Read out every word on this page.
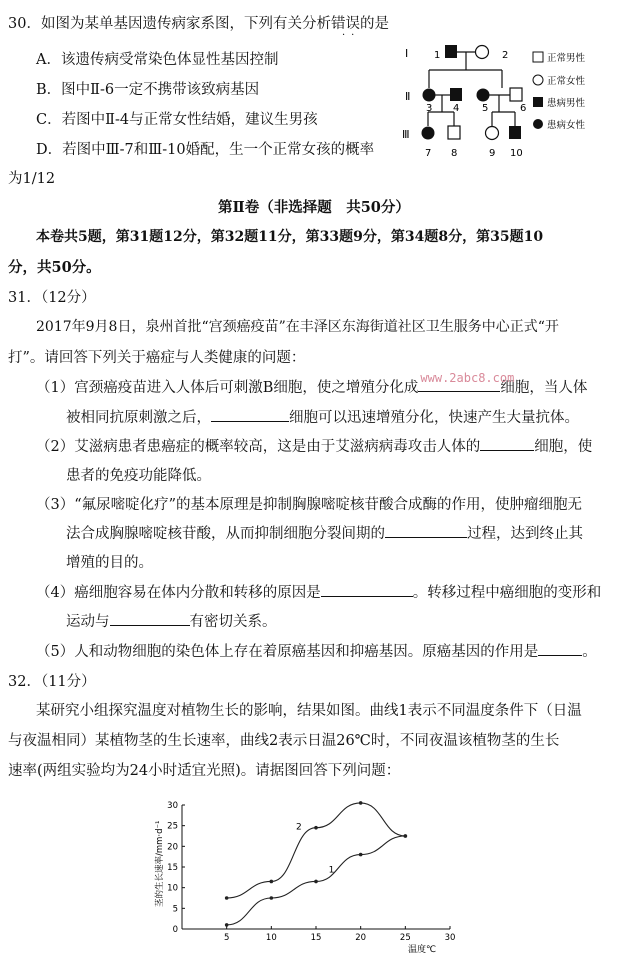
30．如图为某单基因遗传病家系图，下列有关分析错误的是
··
A．该遗传病受常染色体显性基因控制
B．图中Ⅱ-6一定不携带该致病基因
C．若图中Ⅱ-4与正常女性结婚，建议生男孩
D．若图中Ⅲ-7和Ⅲ-10婚配，生一个正常女孩的概率
为1/12
Ⅰ
Ⅱ
Ⅲ
1	2
3 4 5	6
7 8	9 10
正常男性
正常女性
患病男性
患病女性
第Ⅱ卷（非选择题　共50分）
本卷共5题，第31题12分，第32题11分，第33题9分，第34题8分，第35题10
分，共50分。
31．（12分）
2017年9月8日，泉州首批“宫颈癌疫苗”在丰泽区东海街道社区卫生服务中心正式“开
打”。请回答下列关于癌症与人类健康的问题：
（1）宫颈癌疫苗进入人体后可刺激B细胞，使之增殖分化成
www.2abc8.com
细胞，当人体
被相同抗原刺激之后，	细胞可以迅速增殖分化，快速产生大量抗体。
（2）艾滋病患者患癌症的概率较高，这是由于艾滋病病毒攻击人体的	细胞，使
患者的免疫功能降低。
（3）“氟尿嘧啶化疗”的基本原理是抑制胸腺嘧啶核苷酸合成酶的作用，使肿瘤细胞无
法合成胸腺嘧啶核苷酸，从而抑制细胞分裂间期的	过程，达到终止其
增殖的目的。
（4）癌细胞容易在体内分散和转移的原因是	。转移过程中癌细胞的变形和
运动与	有密切关系。
（5）人和动物细胞的染色体上存在着原癌基因和抑癌基因。原癌基因的作用是	。
32．（11分）
某研究小组探究温度对植物生长的影响，结果如图。曲线1表示不同温度条件下（日温
与夜温相同）某植物茎的生长速率，曲线2表示日温26℃时，不同夜温该植物茎的生长
速率(两组实验均为24小时适宜光照)。请据图回答下列问题：
5	10	15	20	25	30
0
5
10
15
20
25
30
1
2
茎的生长速率/mm·d⁻¹
温度℃
